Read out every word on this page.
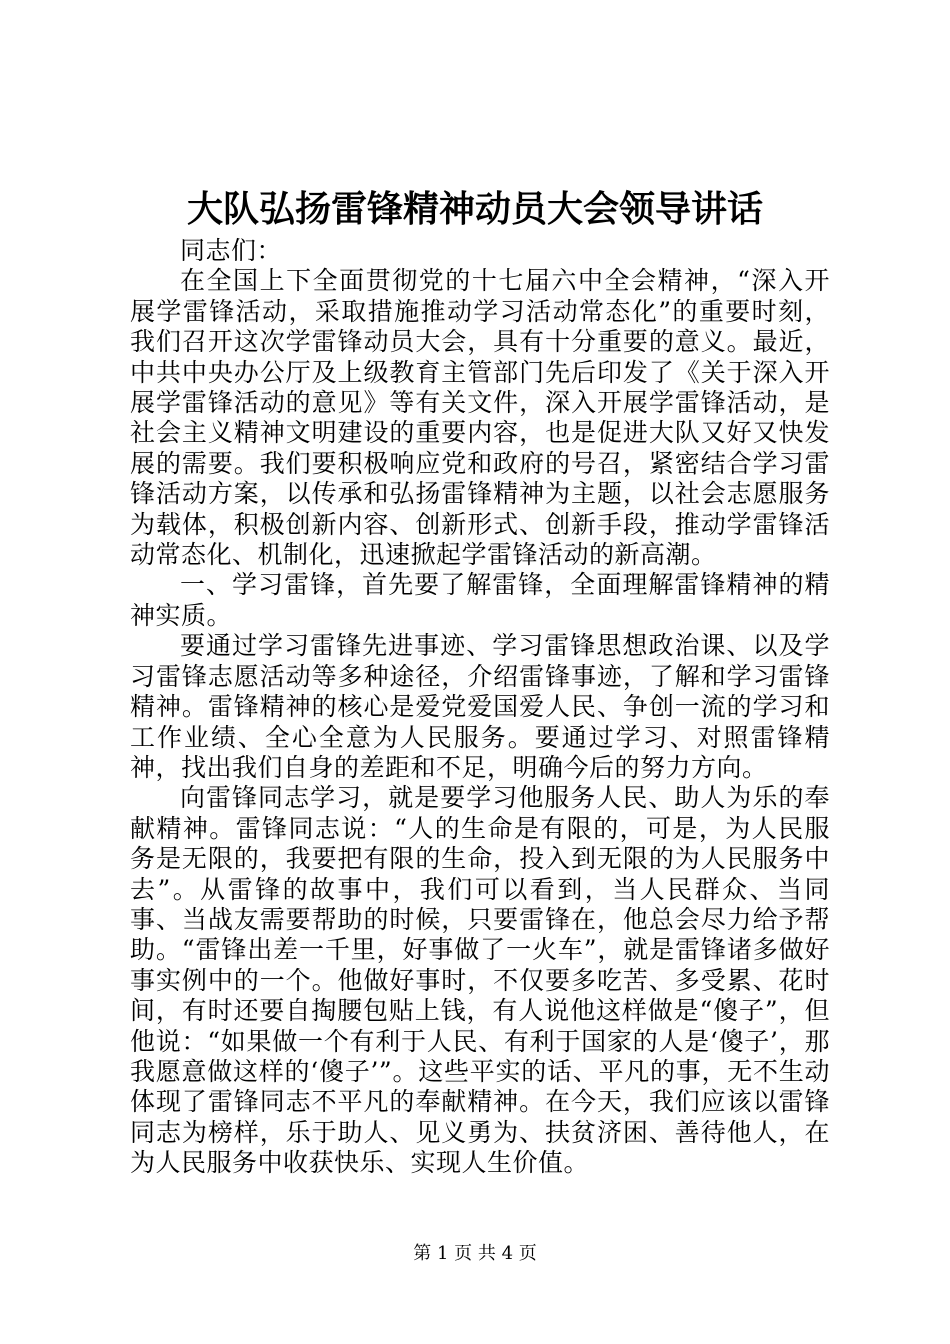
大队弘扬雷锋精神动员大会领导讲话

同志们：

在全国上下全面贯彻党的十七届六中全会精神，“深入开展学雷锋活动，采取措施推动学习活动常态化”的重要时刻，我们召开这次学雷锋动员大会，具有十分重要的意义。最近，中共中央办公厅及上级教育主管部门先后印发了《关于深入开展学雷锋活动的意见》等有关文件，深入开展学雷锋活动，是社会主义精神文明建设的重要内容，也是促进大队又好又快发展的需要。我们要积极响应党和政府的号召，紧密结合学习雷锋活动方案，以传承和弘扬雷锋精神为主题，以社会志愿服务为载体，积极创新内容、创新形式、创新手段，推动学雷锋活动常态化、机制化，迅速掀起学雷锋活动的新高潮。

一、学习雷锋，首先要了解雷锋，全面理解雷锋精神的精神实质。

要通过学习雷锋先进事迹、学习雷锋思想政治课、以及学习雷锋志愿活动等多种途径，介绍雷锋事迹，了解和学习雷锋精神。雷锋精神的核心是爱党爱国爱人民、争创一流的学习和工作业绩、全心全意为人民服务。要通过学习、对照雷锋精神，找出我们自身的差距和不足，明确今后的努力方向。

向雷锋同志学习，就是要学习他服务人民、助人为乐的奉献精神。雷锋同志说：“人的生命是有限的，可是，为人民服务是无限的，我要把有限的生命，投入到无限的为人民服务中去”。从雷锋的故事中，我们可以看到，当人民群众、当同事、当战友需要帮助的时候，只要雷锋在，他总会尽力给予帮助。“雷锋出差一千里，好事做了一火车”，就是雷锋诸多做好事实例中的一个。他做好事时，不仅要多吃苦、多受累、花时间，有时还要自掏腰包贴上钱，有人说他这样做是“傻子”，但他说：“如果做一个有利于人民、有利于国家的人是‘傻子’，那我愿意做这样的‘傻子’”。这些平实的话、平凡的事，无不生动体现了雷锋同志不平凡的奉献精神。在今天，我们应该以雷锋同志为榜样，乐于助人、见义勇为、扶贫济困、善待他人，在为人民服务中收获快乐、实现人生价值。

第 1 页 共 4 页
